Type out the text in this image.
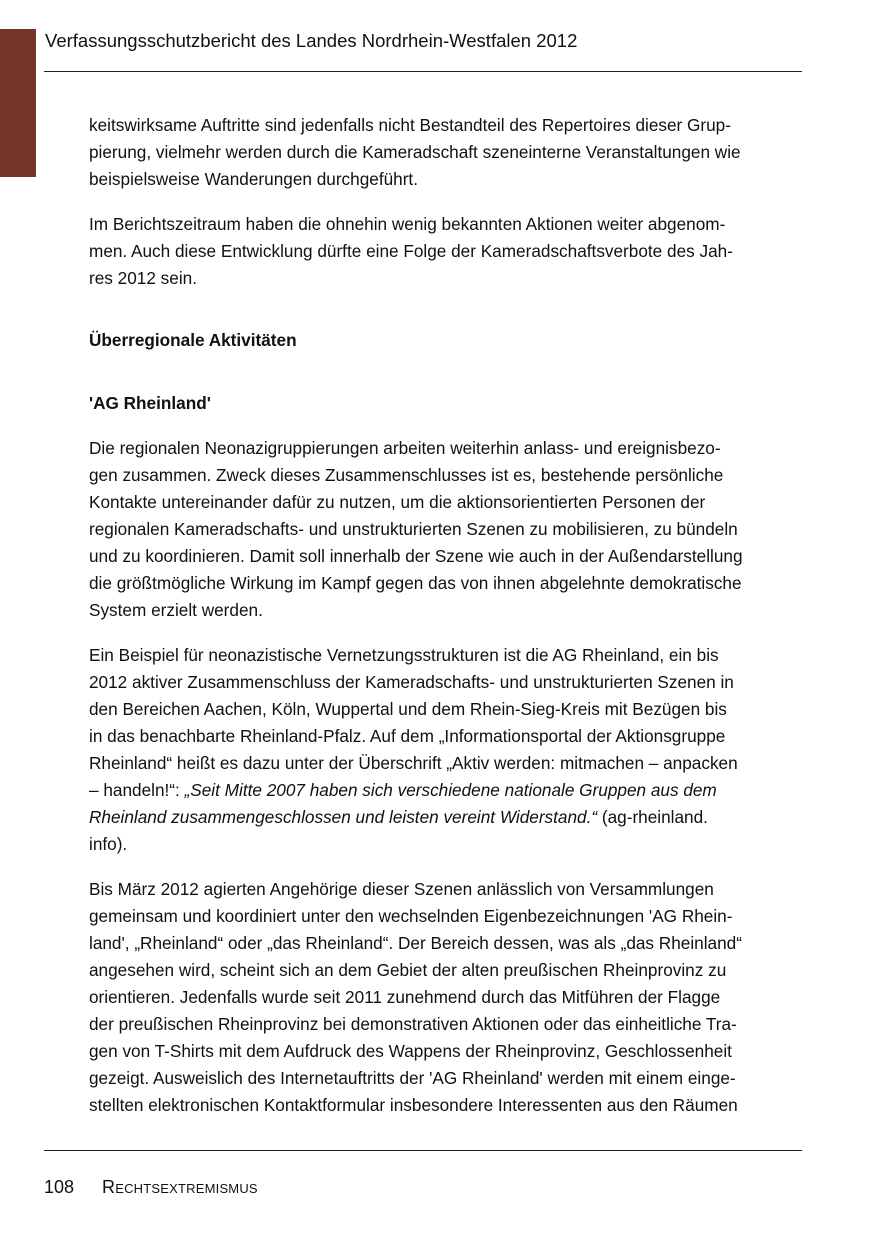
Verfassungsschutzbericht des Landes Nordrhein-Westfalen 2012

keitswirksame Auftritte sind jedenfalls nicht Bestandteil des Repertoires dieser Grup-
pierung, vielmehr werden durch die Kameradschaft szeneinterne Veranstaltungen wie
beispielsweise Wanderungen durchgeführt.

Im Berichtszeitraum haben die ohnehin wenig bekannten Aktionen weiter abgenom-
men. Auch diese Entwicklung dürfte eine Folge der Kameradschaftsverbote des Jah-
res 2012 sein.

Überregionale Aktivitäten
'AG Rheinland'

Die regionalen Neonazigruppierungen arbeiten weiterhin anlass- und ereignisbezo-
gen zusammen. Zweck dieses Zusammenschlusses ist es, bestehende persönliche
Kontakte untereinander dafür zu nutzen, um die aktionsorientierten Personen der
regionalen Kameradschafts- und unstrukturierten Szenen zu mobilisieren, zu bündeln
und zu koordinieren. Damit soll innerhalb der Szene wie auch in der Außendarstellung
die größtmögliche Wirkung im Kampf gegen das von ihnen abgelehnte demokratische
System erzielt werden.

Ein Beispiel für neonazistische Vernetzungsstrukturen ist die AG Rheinland, ein bis
2012 aktiver Zusammenschluss der Kameradschafts- und unstrukturierten Szenen in
den Bereichen Aachen, Köln, Wuppertal und dem Rhein-Sieg-Kreis mit Bezügen bis
in das benachbarte Rheinland-Pfalz. Auf dem „Informationsportal der Aktionsgruppe
Rheinland“ heißt es dazu unter der Überschrift „Aktiv werden: mitmachen – anpacken
– handeln!“: „Seit Mitte 2007 haben sich verschiedene nationale Gruppen aus dem
Rheinland zusammengeschlossen und leisten vereint Widerstand.“ (ag-rheinland.
info).

Bis März 2012 agierten Angehörige dieser Szenen anlässlich von Versammlungen
gemeinsam und koordiniert unter den wechselnden Eigenbezeichnungen 'AG Rhein-
land', „Rheinland“ oder „das Rheinland“. Der Bereich dessen, was als „das Rheinland“
angesehen wird, scheint sich an dem Gebiet der alten preußischen Rheinprovinz zu
orientieren. Jedenfalls wurde seit 2011 zunehmend durch das Mitführen der Flagge
der preußischen Rheinprovinz bei demonstrativen Aktionen oder das einheitliche Tra-
gen von T-Shirts mit dem Aufdruck des Wappens der Rheinprovinz, Geschlossenheit
gezeigt. Ausweislich des Internetauftritts der 'AG Rheinland' werden mit einem einge-
stellten elektronischen Kontaktformular insbesondere Interessenten aus den Räumen

108 Rechtsextremismus
